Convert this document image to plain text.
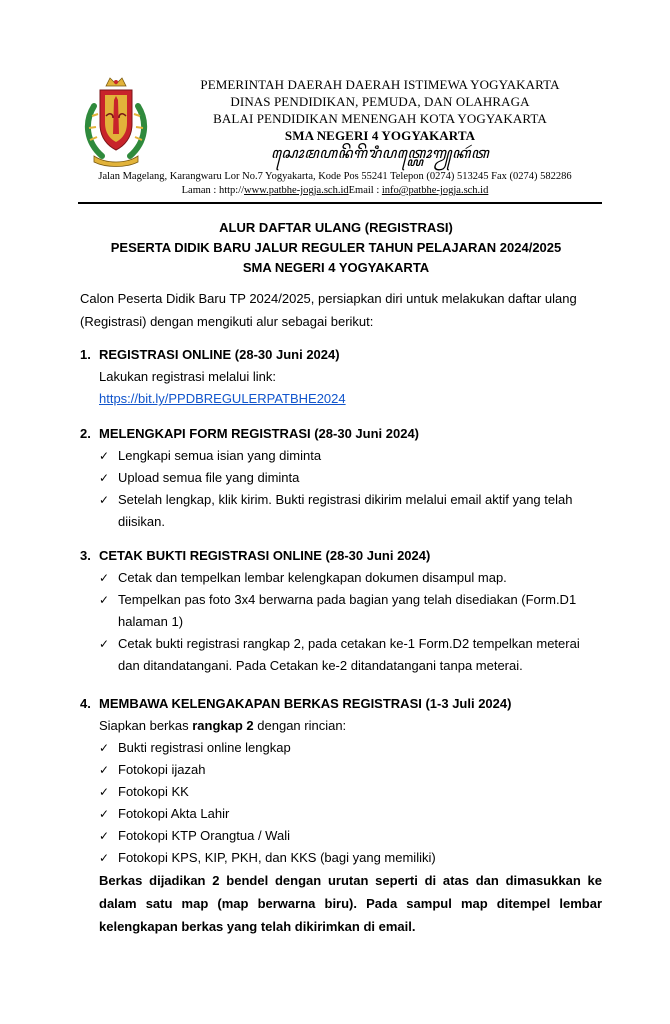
PEMERINTAH DAERAH DAERAH ISTIMEWA YOGYAKARTA
DINAS PENDIDIKAN, PEMUDA, DAN OLAHRAGA
BALAI PENDIDIKAN MENENGAH KOTA YOGYAKARTA
SMA NEGERI 4 YOGYAKARTA
ꦱꦺꦴꦩꦲꦤꦼꦒꦼꦫꦶꦥꦠ꧀ꦪꦺꦴꦒꦾꦏꦂꦠ
Jalan Magelang, Karangwaru Lor No.7 Yogyakarta, Kode Pos 55241 Telepon (0274) 513245 Fax (0274) 582286
Laman : http://www.patbhe-jogja.sch.idEmail : info@patbhe-jogja.sch.id
ALUR DAFTAR ULANG (REGISTRASI)
PESERTA DIDIK BARU JALUR REGULER TAHUN PELAJARAN 2024/2025
SMA NEGERI 4 YOGYAKARTA
Calon Peserta Didik Baru TP 2024/2025, persiapkan diri untuk melakukan daftar ulang (Registrasi) dengan mengikuti alur sebagai berikut:
1. REGISTRASI ONLINE (28-30 Juni 2024)
Lakukan registrasi melalui link:
https://bit.ly/PPDBREGULERPATBHE2024
2. MELENGKAPI FORM REGISTRASI (28-30 Juni 2024)
✓ Lengkapi semua isian yang diminta
✓ Upload semua file yang diminta
✓ Setelah lengkap, klik kirim. Bukti registrasi dikirim melalui email aktif yang telah diisikan.
3. CETAK BUKTI REGISTRASI ONLINE (28-30 Juni 2024)
✓ Cetak dan tempelkan lembar kelengkapan dokumen disampul map.
✓ Tempelkan pas foto 3x4 berwarna pada bagian yang telah disediakan (Form.D1 halaman 1)
✓ Cetak bukti registrasi rangkap 2, pada cetakan ke-1 Form.D2 tempelkan meterai dan ditandatangani. Pada Cetakan ke-2 ditandatangani tanpa meterai.
4. MEMBAWA KELENGAKAPAN BERKAS REGISTRASI (1-3 Juli 2024)
Siapkan berkas rangkap 2 dengan rincian:
✓ Bukti registrasi online lengkap
✓ Fotokopi ijazah
✓ Fotokopi KK
✓ Fotokopi Akta Lahir
✓ Fotokopi KTP Orangtua / Wali
✓ Fotokopi KPS, KIP, PKH, dan KKS (bagi yang memiliki)
Berkas dijadikan 2 bendel dengan urutan seperti di atas dan dimasukkan ke dalam satu map (map berwarna biru). Pada sampul map ditempel lembar kelengkapan berkas yang telah dikirimkan di email.
